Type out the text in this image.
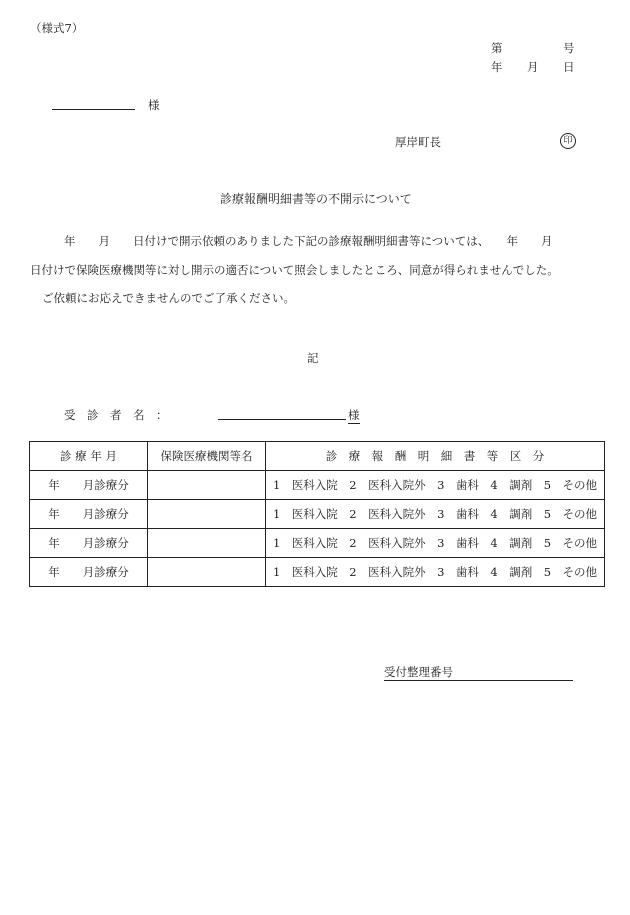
（様式7）
第	号
年 月 日
様
厚岸町長	印
診療報酬明細書等の不開示について
年　　月　　日付けで開示依頼のありました下記の診療報酬明細書等については、　　年　　月
日付けで保険医療機関等に対し開示の適否について照会しましたところ、同意が得られませんでした。
ご依頼にお応えできませんのでご了承ください。
記
受　診　者　名　：	様
診 療 年 月	保険医療機関等名	診　療　報　酬　明　細　書　等　区　分
年　　月診療分		1　医科入院　2　医科入院外　3　歯科　4　調剤　5　その他
年　　月診療分		1　医科入院　2　医科入院外　3　歯科　4　調剤　5　その他
年　　月診療分		1　医科入院　2　医科入院外　3　歯科　4　調剤　5　その他
年　　月診療分		1　医科入院　2　医科入院外　3　歯科　4　調剤　5　その他
受付整理番号
